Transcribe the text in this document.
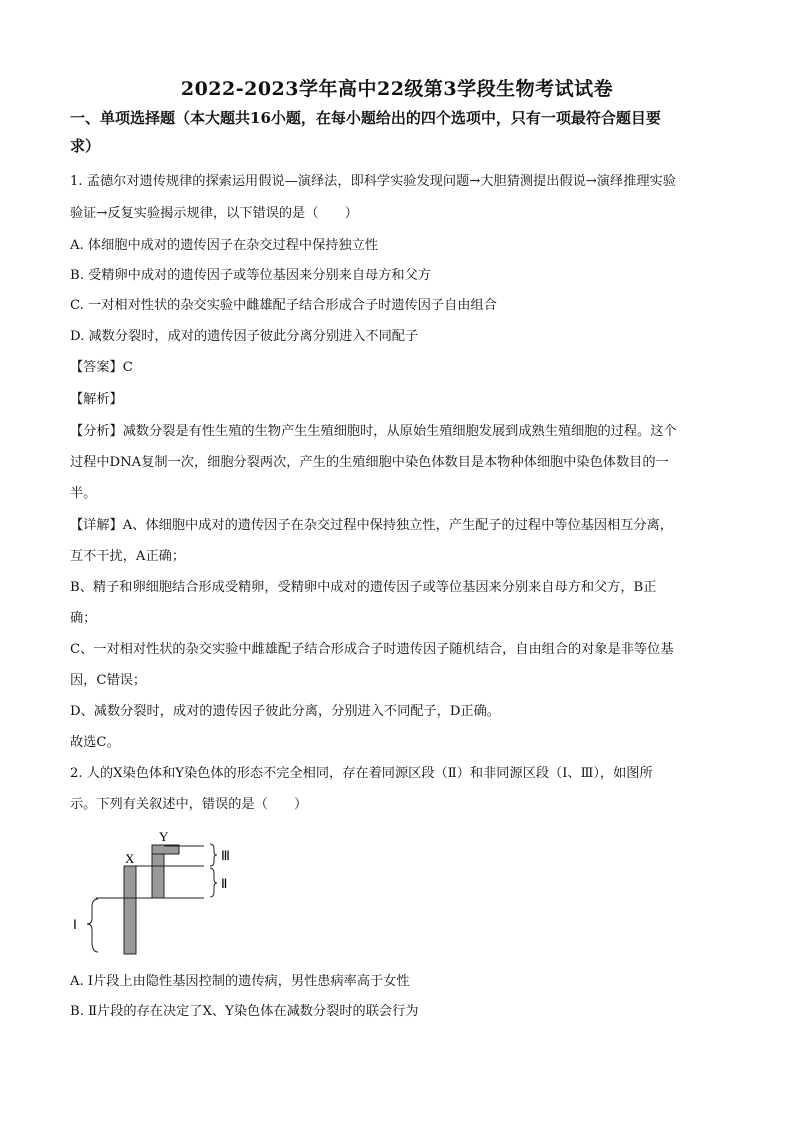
2022-2023学年高中22级第3学段生物考试试卷
一、单项选择题（本大题共16小题，在每小题给出的四个选项中，只有一项最符合题目要
求）
1. 孟德尔对遗传规律的探索运用假说—演绎法，即科学实验发现问题→大胆猜测提出假说→演绎推理实验
验证→反复实验揭示规律，以下错误的是（　　）
A. 体细胞中成对的遗传因子在杂交过程中保持独立性
B. 受精卵中成对的遗传因子或等位基因来分别来自母方和父方
C. 一对相对性状的杂交实验中雌雄配子结合形成合子时遗传因子自由组合
D. 减数分裂时，成对的遗传因子彼此分离分别进入不同配子
【答案】C
【解析】
【分析】减数分裂是有性生殖的生物产生生殖细胞时，从原始生殖细胞发展到成熟生殖细胞的过程。这个
过程中DNA复制一次，细胞分裂两次，产生的生殖细胞中染色体数目是本物种体细胞中染色体数目的一
半。
【详解】A、体细胞中成对的遗传因子在杂交过程中保持独立性，产生配子的过程中等位基因相互分离，
互不干扰，A正确；
B、精子和卵细胞结合形成受精卵，受精卵中成对的遗传因子或等位基因来分别来自母方和父方，B正
确；
C、一对相对性状的杂交实验中雌雄配子结合形成合子时遗传因子随机结合，自由组合的对象是非等位基
因，C错误；
D、减数分裂时，成对的遗传因子彼此分离，分别进入不同配子，D正确。
故选C。
2. 人的X染色体和Y染色体的形态不完全相同，存在着同源区段（Ⅱ）和非同源区段（Ⅰ、Ⅲ），如图所
示。下列有关叙述中，错误的是（　　）
X
Y
Ⅲ
Ⅱ
Ⅰ
A. Ⅰ片段上由隐性基因控制的遗传病，男性患病率高于女性
B. Ⅱ片段的存在决定了X、Y染色体在减数分裂时的联会行为
